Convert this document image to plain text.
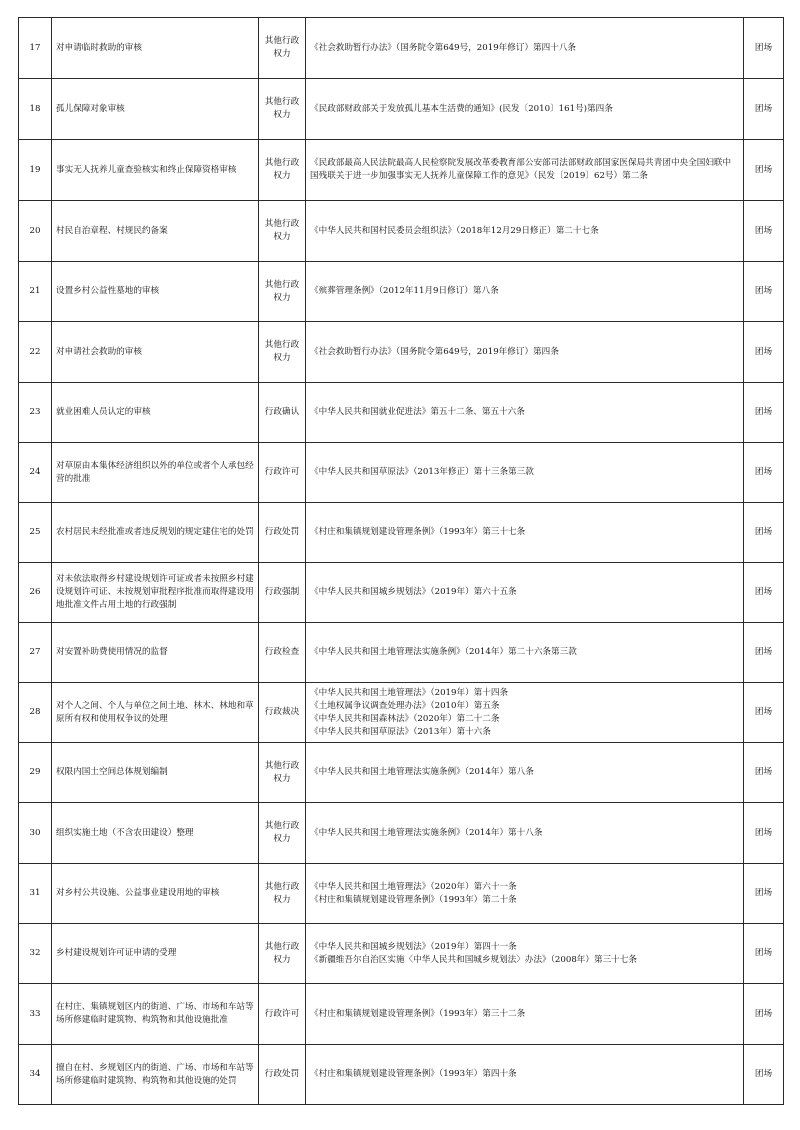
17	对申请临时救助的审核	其他行政权力	《社会救助暂行办法》（国务院令第649号，2019年修订）第四十八条	团场
18	孤儿保障对象审核	其他行政权力	《民政部财政部关于发放孤儿基本生活费的通知》(民发〔2010〕161号)第四条	团场
19	事实无人抚养儿童查验核实和终止保障资格审核	其他行政权力	《民政部最高人民法院最高人民检察院发展改革委教育部公安部司法部财政部国家医保局共青团中央全国妇联中国残联关于进一步加强事实无人抚养儿童保障工作的意见》（民发〔2019〕62号）第二条	团场
20	村民自治章程、村规民约备案	其他行政权力	《中华人民共和国村民委员会组织法》（2018年12月29日修正）第二十七条	团场
21	设置乡村公益性墓地的审核	其他行政权力	《殡葬管理条例》（2012年11月9日修订）第八条	团场
22	对申请社会救助的审核	其他行政权力	《社会救助暂行办法》（国务院令第649号，2019年修订）第四条	团场
23	就业困难人员认定的审核	行政确认	《中华人民共和国就业促进法》第五十二条、第五十六条	团场
24	对草原由本集体经济组织以外的单位或者个人承包经营的批准	行政许可	《中华人民共和国草原法》（2013年修正）第十三条第三款	团场
25	农村居民未经批准或者违反规划的规定建住宅的处罚	行政处罚	《村庄和集镇规划建设管理条例》（1993年）第三十七条	团场
26	对未依法取得乡村建设规划许可证或者未按照乡村建设规划许可证、未按规划审批程序批准而取得建设用地批准文件占用土地的行政强制	行政强制	《中华人民共和国城乡规划法》（2019年）第六十五条	团场
27	对安置补助费使用情况的监督	行政检查	《中华人民共和国土地管理法实施条例》（2014年）第二十六条第三款	团场
28	对个人之间、个人与单位之间土地、林木、林地和草原所有权和使用权争议的处理	行政裁决	《中华人民共和国土地管理法》（2019年）第十四条
《土地权属争议调查处理办法》（2010年）第五条
《中华人民共和国森林法》（2020年）第二十二条
《中华人民共和国草原法》（2013年）第十六条	团场
29	权限内国土空间总体规划编制	其他行政权力	《中华人民共和国土地管理法实施条例》（2014年）第八条	团场
30	组织实施土地（不含农田建设）整理	其他行政权力	《中华人民共和国土地管理法实施条例》（2014年）第十八条	团场
31	对乡村公共设施、公益事业建设用地的审核	其他行政权力	《中华人民共和国土地管理法》（2020年）第六十一条
《村庄和集镇规划建设管理条例》（1993年）第二十条	团场
32	乡村建设规划许可证申请的受理	其他行政权力	《中华人民共和国城乡规划法》（2019年）第四十一条
《新疆维吾尔自治区实施〈中华人民共和国城乡规划法〉办法》（2008年）第三十七条	团场
33	在村庄、集镇规划区内的街道、广场、市场和车站等场所修建临时建筑物、构筑物和其他设施批准	行政许可	《村庄和集镇规划建设管理条例》（1993年）第三十二条	团场
34	擅自在村、乡规划区内的街道、广场、市场和车站等场所修建临时建筑物、构筑物和其他设施的处罚	行政处罚	《村庄和集镇规划建设管理条例》（1993年）第四十条	团场
